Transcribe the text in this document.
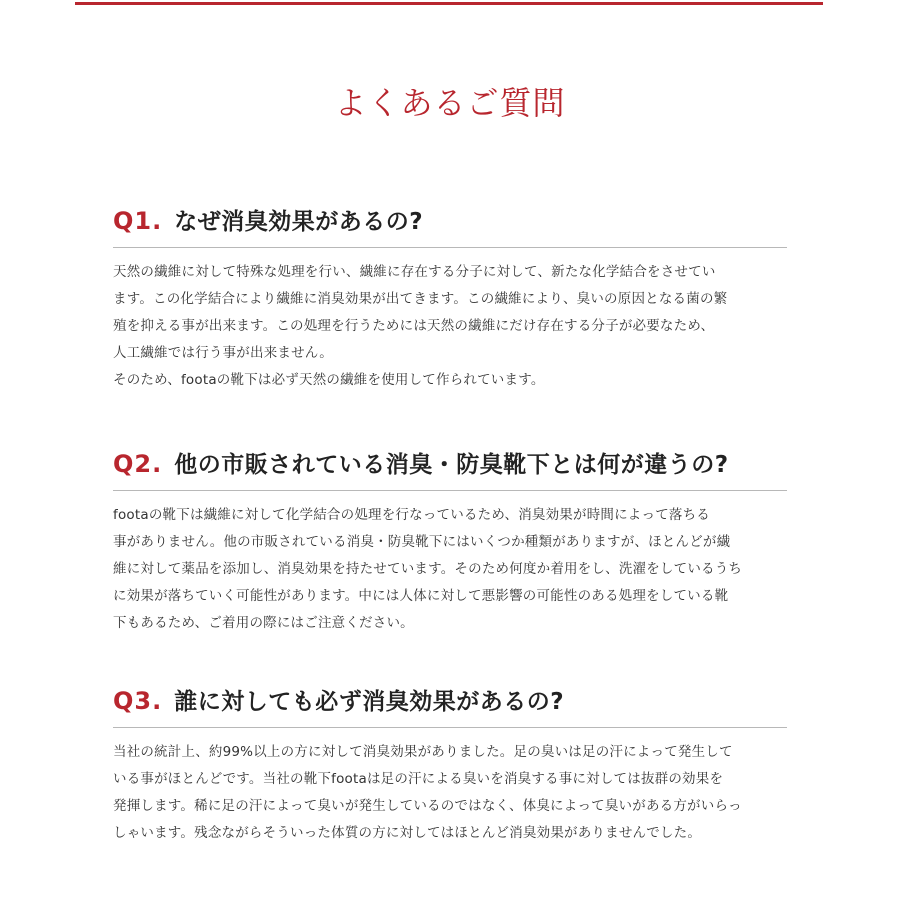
よくあるご質問
Q1. なぜ消臭効果があるの?
天然の繊維に対して特殊な処理を行い、繊維に存在する分子に対して、新たな化学結合をさせてい
ます。この化学結合により繊維に消臭効果が出てきます。この繊維により、臭いの原因となる菌の繁
殖を抑える事が出来ます。この処理を行うためには天然の繊維にだけ存在する分子が必要なため、
人工繊維では行う事が出来ません。
そのため、footaの靴下は必ず天然の繊維を使用して作られています。
Q2. 他の市販されている消臭・防臭靴下とは何が違うの?
footaの靴下は繊維に対して化学結合の処理を行なっているため、消臭効果が時間によって落ちる
事がありません。他の市販されている消臭・防臭靴下にはいくつか種類がありますが、ほとんどが繊
維に対して薬品を添加し、消臭効果を持たせています。そのため何度か着用をし、洗濯をしているうち
に効果が落ちていく可能性があります。中には人体に対して悪影響の可能性のある処理をしている靴
下もあるため、ご着用の際にはご注意ください。
Q3. 誰に対しても必ず消臭効果があるの?
当社の統計上、約99%以上の方に対して消臭効果がありました。足の臭いは足の汗によって発生して
いる事がほとんどです。当社の靴下footaは足の汗による臭いを消臭する事に対しては抜群の効果を
発揮します。稀に足の汗によって臭いが発生しているのではなく、体臭によって臭いがある方がいらっ
しゃいます。残念ながらそういった体質の方に対してはほとんど消臭効果がありませんでした。
